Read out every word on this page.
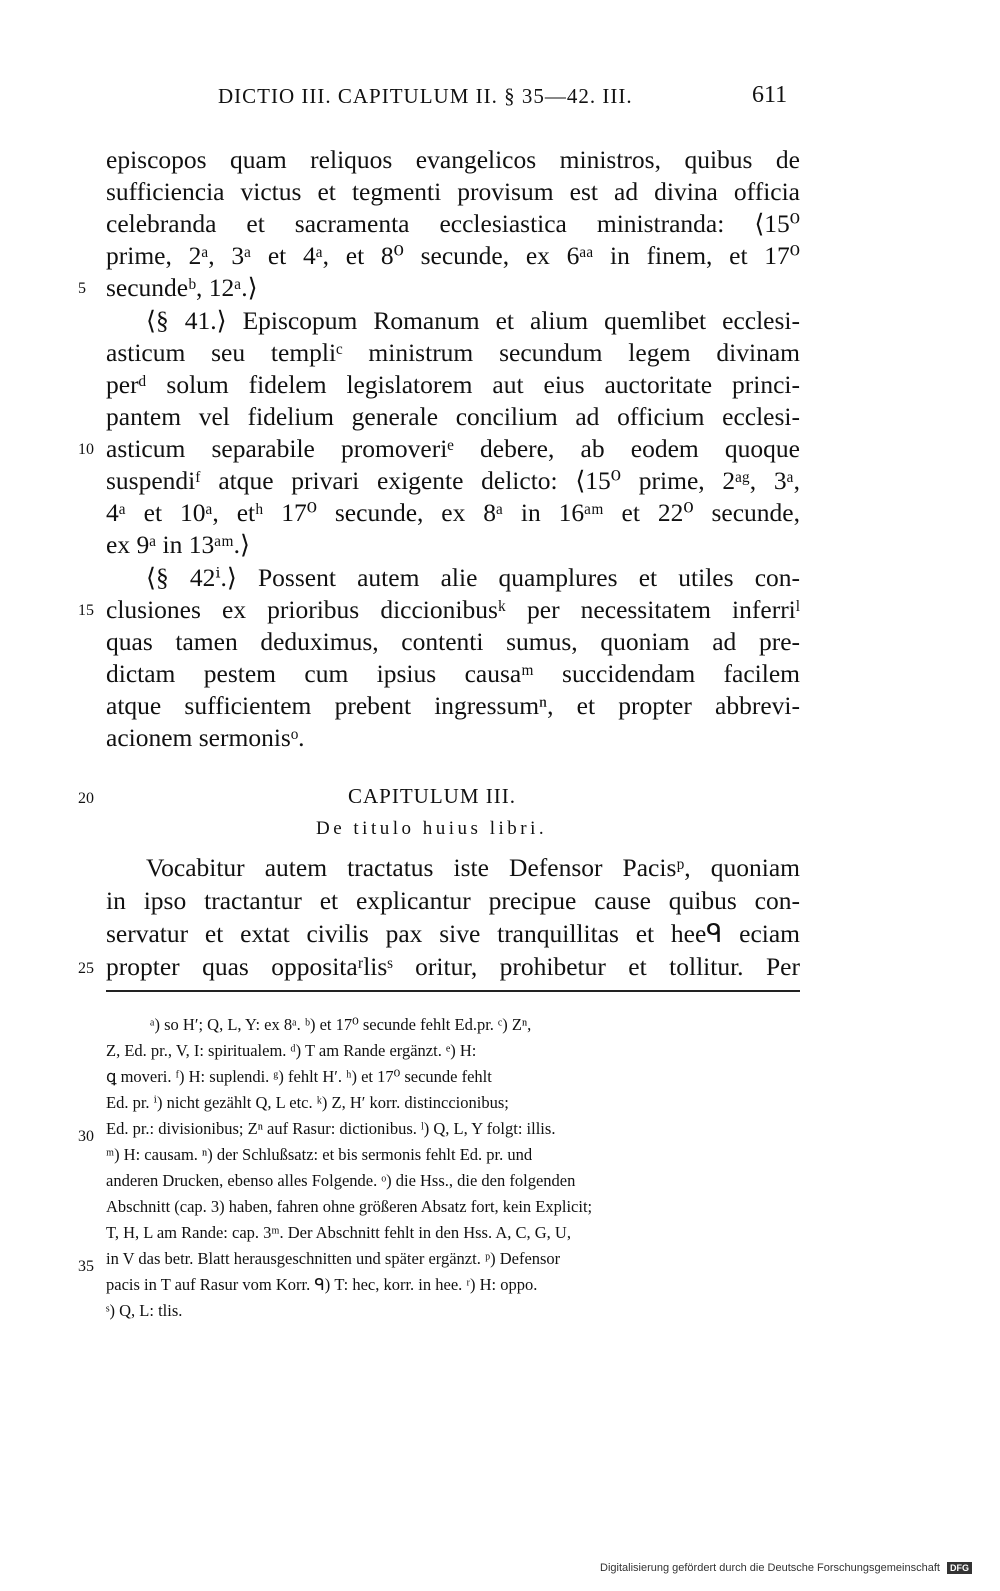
DICTIO III. CAPITULUM II. § 35—42. III.	611
episcopos quam reliquos evangelicos ministros, quibus de
sufficiencia victus et tegmenti provisum est ad divina officia
celebranda et sacramenta ecclesiastica ministranda: ⟨15⁰
prime, 2ᵃ, 3ᵃ et 4ᵃ, et 8⁰ secunde, ex 6ᵃᵃ in finem, et 17⁰
secundeᵇ, 12ᵃ.⟩
⟨§ 41.⟩ Episcopum Romanum et alium quemlibet ecclesi-
asticum seu templiᶜ ministrum secundum legem divinam
perᵈ solum fidelem legislatorem aut eius auctoritate princi-
pantem vel fidelium generale concilium ad officium ecclesi-
asticum separabile promoveriᵉ debere, ab eodem quoque
suspendiᶠ atque privari exigente delicto: ⟨15⁰ prime, 2ᵃᵍ, 3ᵃ,
4ᵃ et 10ᵃ, etʰ 17⁰ secunde, ex 8ᵃ in 16ᵃᵐ et 22⁰ secunde,
ex 9ᵃ in 13ᵃᵐ.⟩
⟨§ 42ⁱ.⟩ Possent autem alie quamplures et utiles con-
clusiones ex prioribus diccionibusᵏ per necessitatem inferriˡ
quas tamen deduximus, contenti sumus, quoniam ad pre-
dictam pestem cum ipsius causaᵐ succidendam facilem
atque sufficientem prebent ingressumⁿ, et propter abbrevi-
acionem sermonisᵒ.
CAPITULUM III.
De titulo huius libri.
Vocabitur autem tractatus iste Defensor Pacisᵖ, quoniam
in ipso tractantur et explicantur precipue cause quibus con-
servatur et extat civilis pax sive tranquillitas et heeᑫ eciam
propter quas oppositaʳlisˢ oritur, prohibetur et tollitur. Per
5
10
15
20
25
30
35
ᵃ) so H′; Q, L, Y: ex 8ᵃ. ᵇ) et 17⁰ secunde fehlt Ed.pr. ᶜ) Zⁿ,
Z, Ed. pr., V, I: spiritualem. ᵈ) T am Rande ergänzt. ᵉ) H:
ꝗ moveri. ᶠ) H: suplendi. ᵍ) fehlt H′. ʰ) et 17⁰ secunde fehlt
Ed. pr. ⁱ) nicht gezählt Q, L etc. ᵏ) Z, H′ korr. distinccionibus;
Ed. pr.: divisionibus; Zⁿ auf Rasur: dictionibus. ˡ) Q, L, Y folgt: illis.
ᵐ) H: causam. ⁿ) der Schlußsatz: et bis sermonis fehlt Ed. pr. und
anderen Drucken, ebenso alles Folgende. ᵒ) die Hss., die den folgenden
Abschnitt (cap. 3) haben, fahren ohne größeren Absatz fort, kein Explicit;
T, H, L am Rande: cap. 3ᵐ. Der Abschnitt fehlt in den Hss. A, C, G, U,
in V das betr. Blatt herausgeschnitten und später ergänzt. ᵖ) Defensor
pacis in T auf Rasur vom Korr. ᑫ) T: hec, korr. in hee. ʳ) H: oppo.
ˢ) Q, L: tlis.
Digitalisierung gefördert durch die Deutsche Forschungsgemeinschaft DFG
